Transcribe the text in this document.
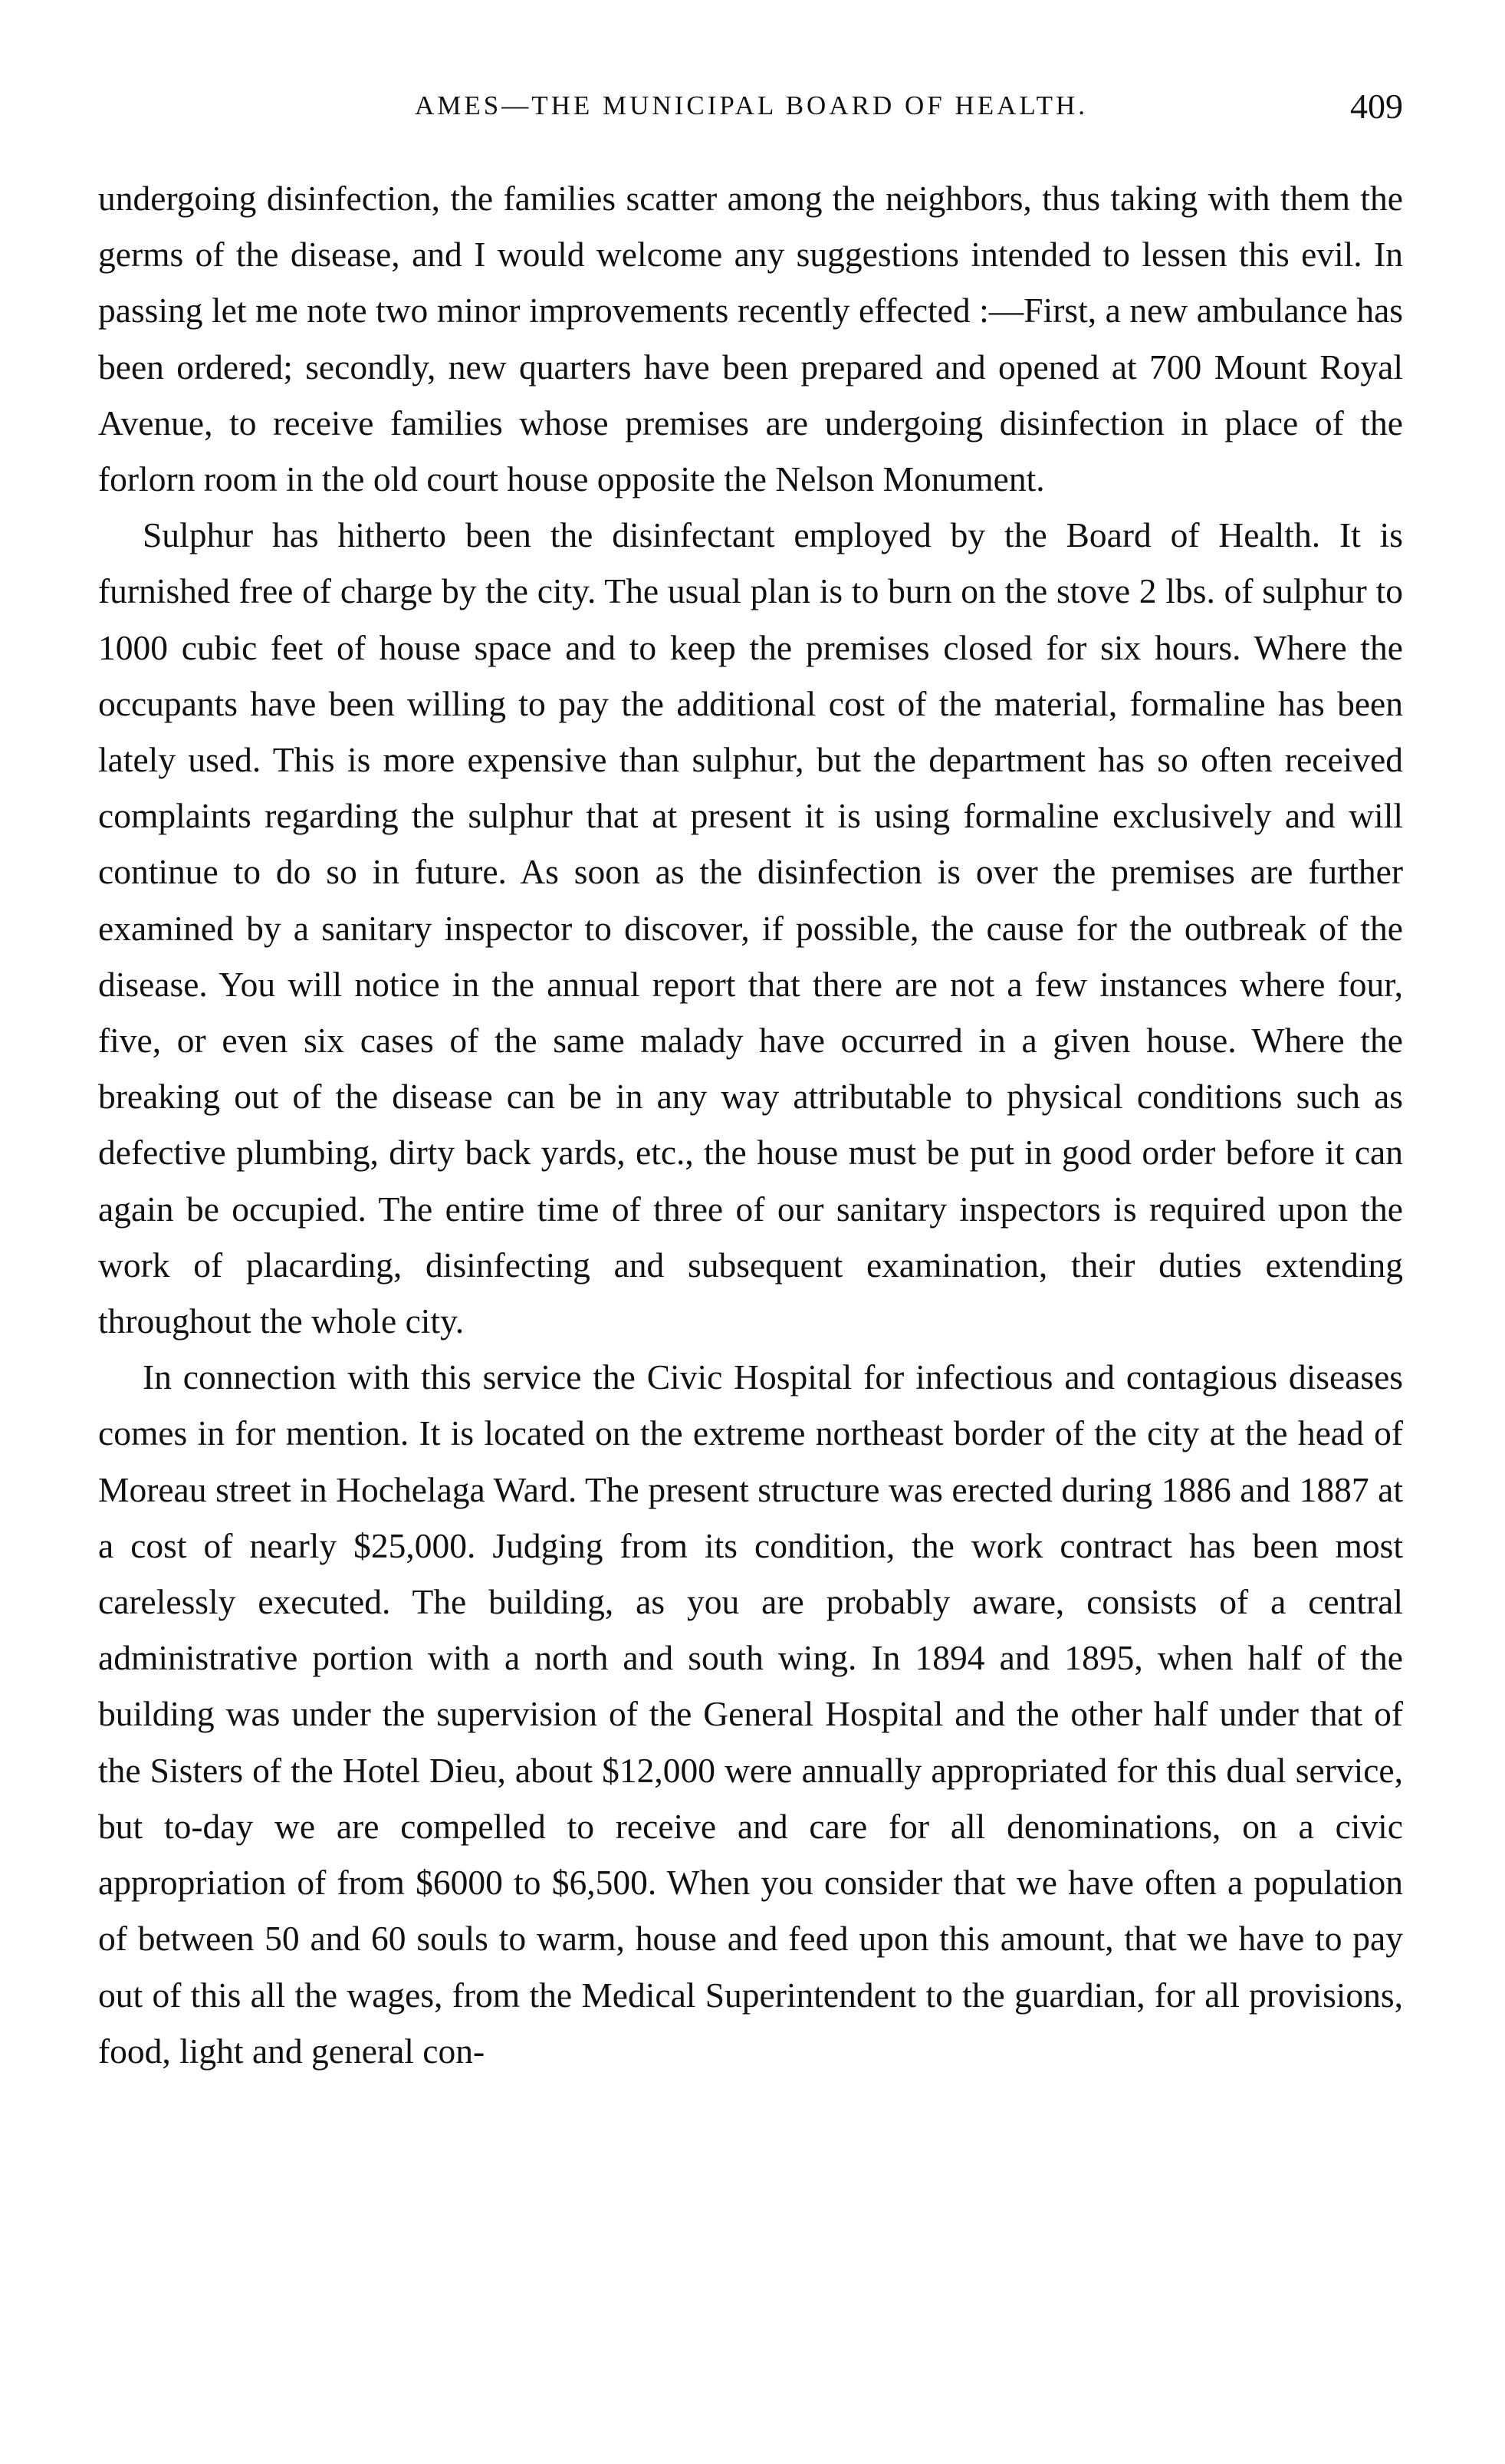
AMES—THE MUNICIPAL BOARD OF HEALTH.	409

undergoing disinfection, the families scatter among the neighbors, thus taking with them the germs of the disease, and I would welcome any suggestions intended to lessen this evil. In passing let me note two minor improvements recently effected :—First, a new ambulance has been ordered; secondly, new quarters have been prepared and opened at 700 Mount Royal Avenue, to receive families whose premises are undergoing disinfection in place of the forlorn room in the old court house opposite the Nelson Monument.

Sulphur has hitherto been the disinfectant employed by the Board of Health. It is furnished free of charge by the city. The usual plan is to burn on the stove 2 lbs. of sulphur to 1000 cubic feet of house space and to keep the premises closed for six hours. Where the occupants have been willing to pay the additional cost of the material, formaline has been lately used. This is more expensive than sulphur, but the department has so often received complaints regarding the sulphur that at present it is using formaline exclusively and will continue to do so in future. As soon as the disinfection is over the premises are further examined by a sanitary inspector to discover, if possible, the cause for the outbreak of the disease. You will notice in the annual report that there are not a few instances where four, five, or even six cases of the same malady have occurred in a given house. Where the breaking out of the disease can be in any way attributable to physical conditions such as defective plumbing, dirty back yards, etc., the house must be put in good order before it can again be occupied. The entire time of three of our sanitary inspectors is required upon the work of placarding, disinfecting and subsequent examination, their duties extending throughout the whole city.

In connection with this service the Civic Hospital for infectious and contagious diseases comes in for mention. It is located on the extreme northeast border of the city at the head of Moreau street in Hochelaga Ward. The present structure was erected during 1886 and 1887 at a cost of nearly $25,000. Judging from its condition, the work contract has been most carelessly executed. The building, as you are probably aware, consists of a central administrative portion with a north and south wing. In 1894 and 1895, when half of the building was under the supervision of the General Hospital and the other half under that of the Sisters of the Hotel Dieu, about $12,000 were annually appropriated for this dual service, but to-day we are compelled to receive and care for all denominations, on a civic appropriation of from $6000 to $6,500. When you consider that we have often a population of between 50 and 60 souls to warm, house and feed upon this amount, that we have to pay out of this all the wages, from the Medical Superintendent to the guardian, for all provisions, food, light and general con-
